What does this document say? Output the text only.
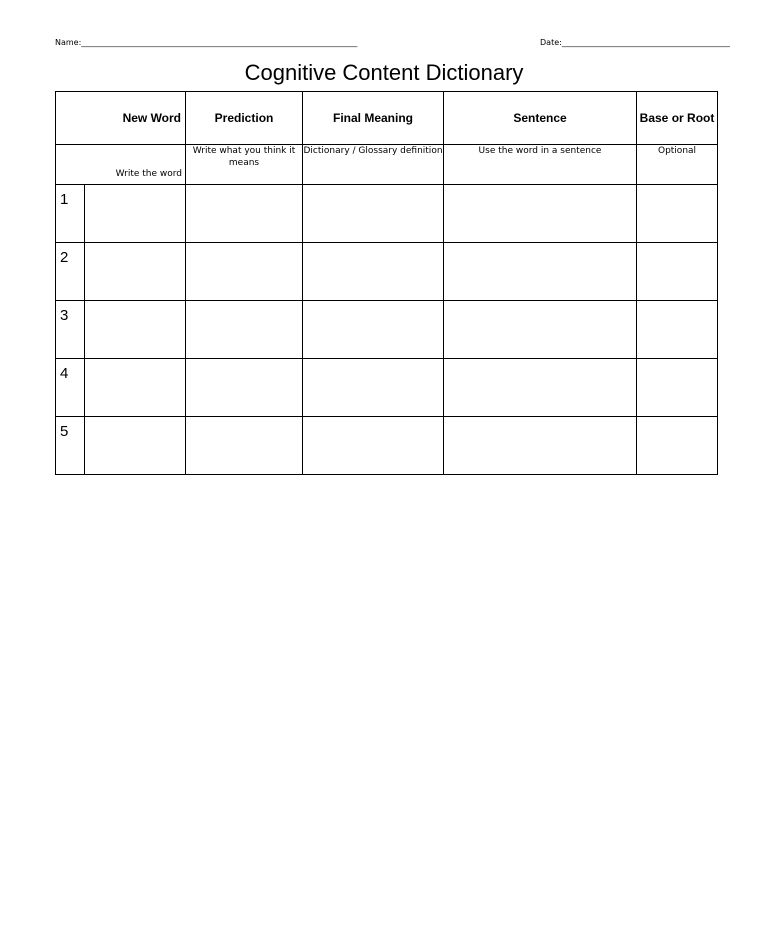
Name:_____________________________________________________________________	Date:__________________________________________
Cognitive Content Dictionary
New Word		Prediction	Final Meaning	Sentence	Base or Root
Write the word		Write what you think it means	Dictionary / Glossary definition	Use the word in a sentence	Optional
1					
2					
3					
4					
5					
